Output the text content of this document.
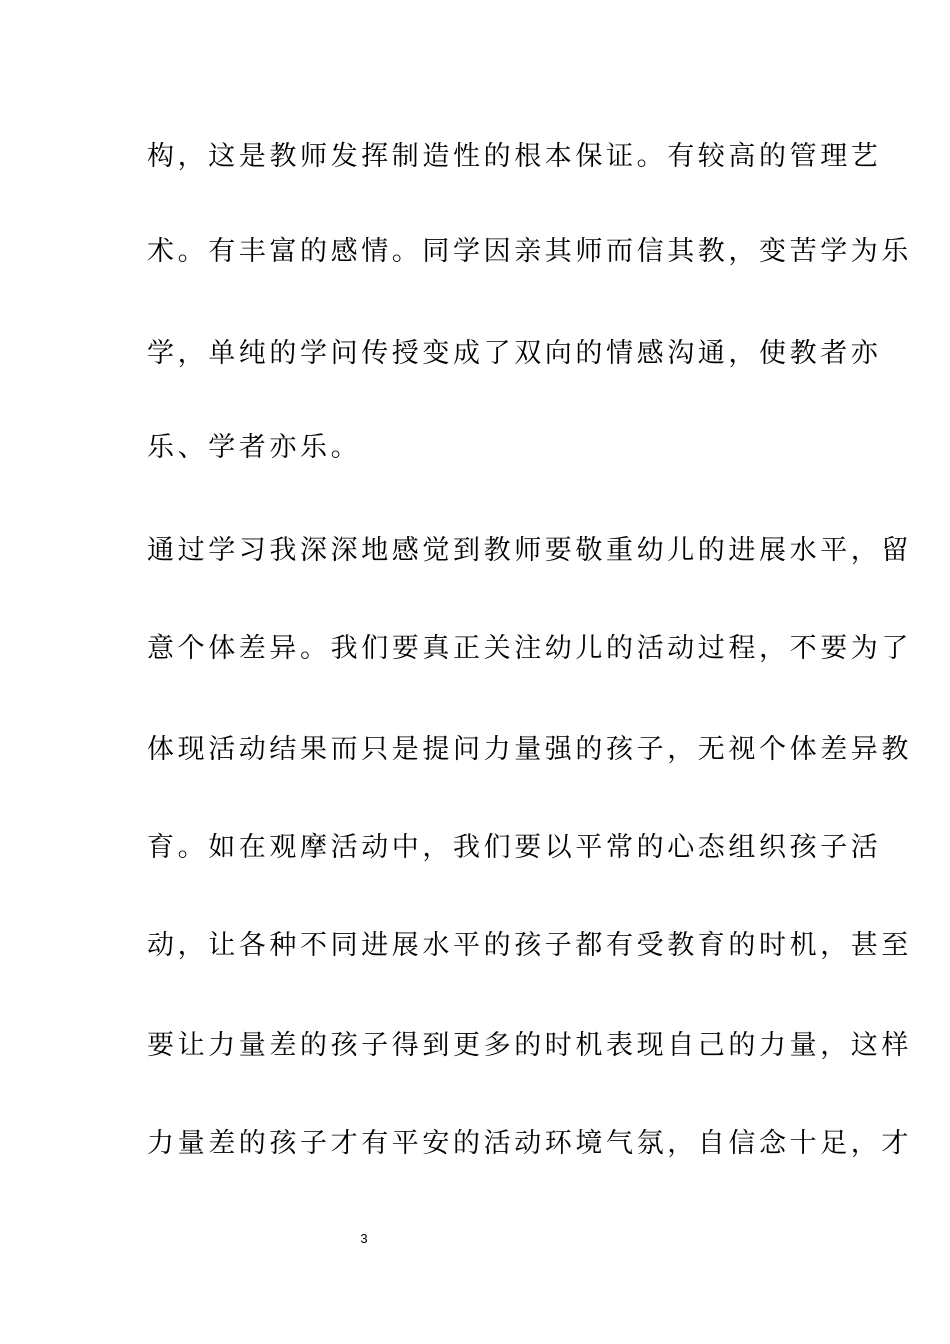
构，这是教师发挥制造性的根本保证。有较高的管理艺
术。有丰富的感情。同学因亲其师而信其教，变苦学为乐
学，单纯的学问传授变成了双向的情感沟通，使教者亦
乐、学者亦乐。
通过学习我深深地感觉到教师要敬重幼儿的进展水平，留
意个体差异。我们要真正关注幼儿的活动过程，不要为了
体现活动结果而只是提问力量强的孩子，无视个体差异教
育。如在观摩活动中，我们要以平常的心态组织孩子活
动，让各种不同进展水平的孩子都有受教育的时机，甚至
要让力量差的孩子得到更多的时机表现自己的力量，这样
力量差的孩子才有平安的活动环境气氛，自信念十足，才
3
